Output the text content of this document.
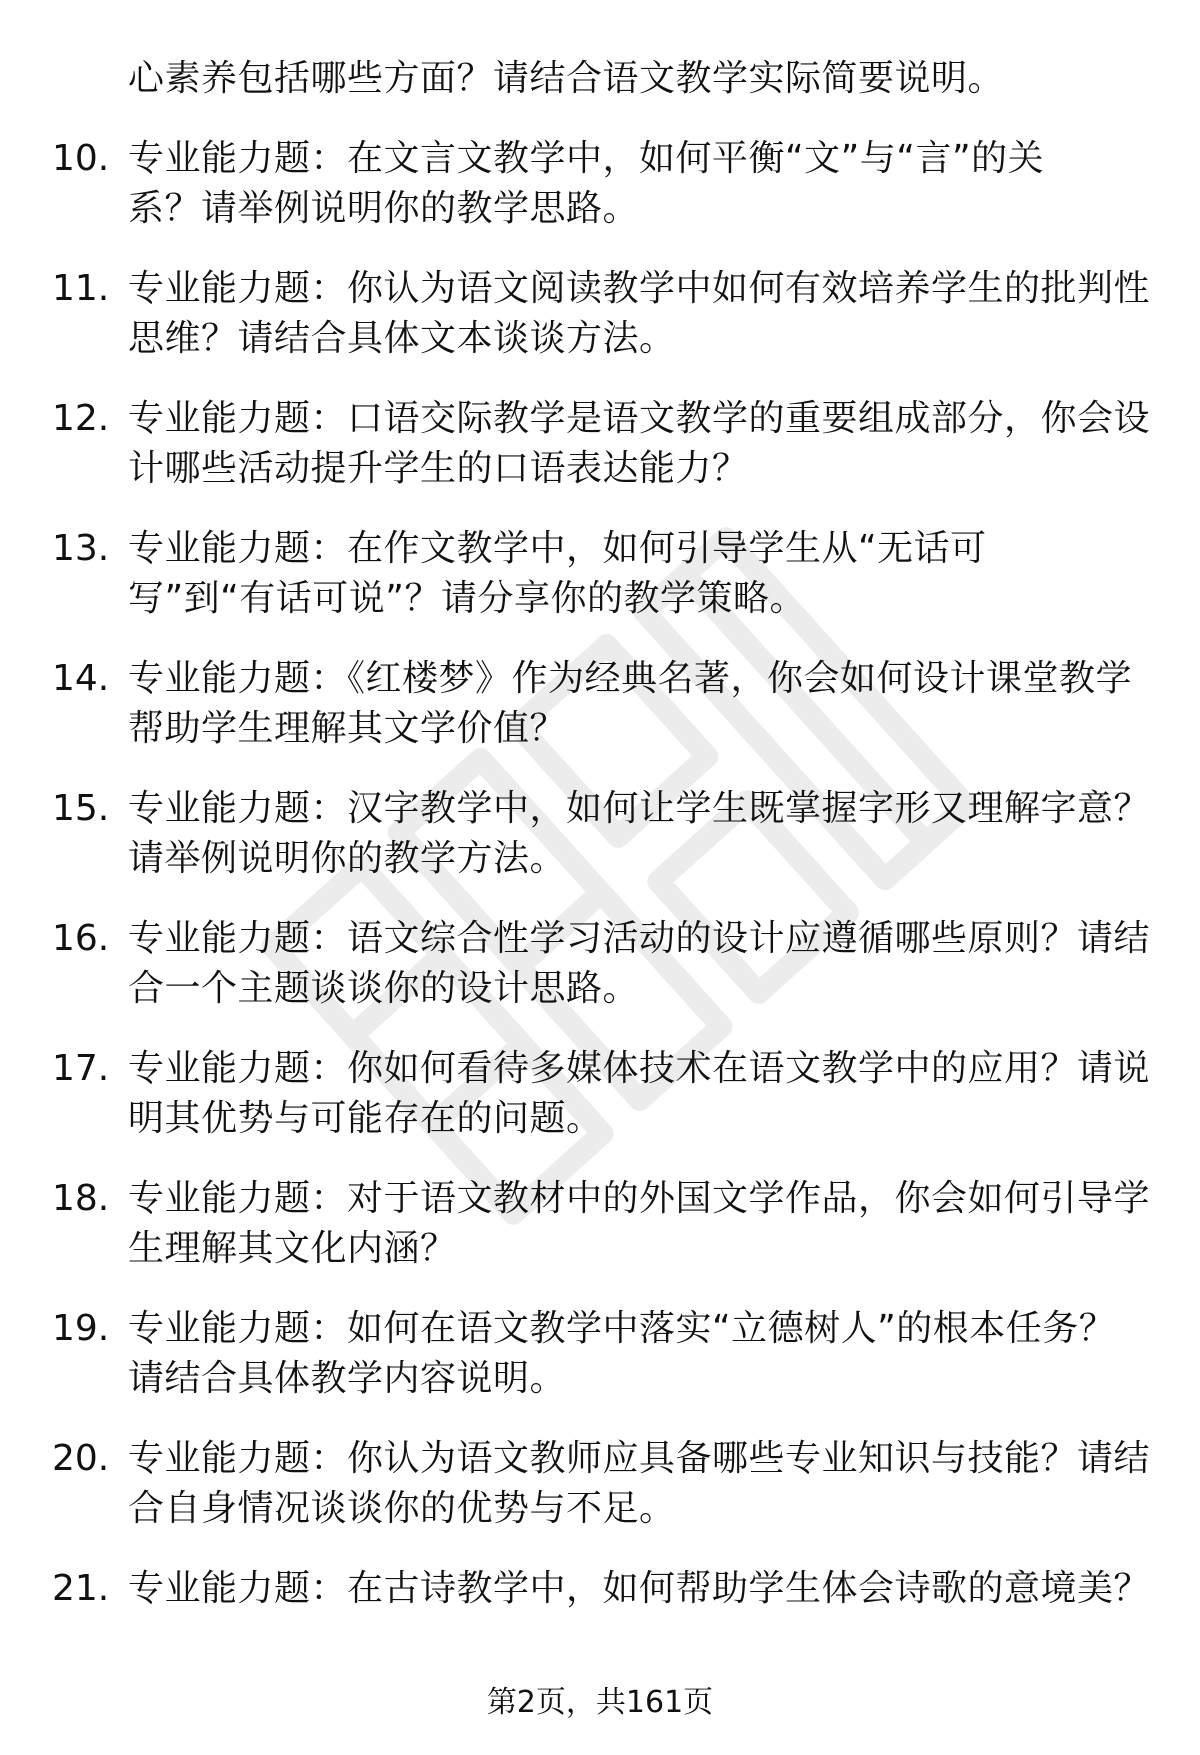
心素养包括哪些方面？请结合语文教学实际简要说明。
10. 专业能力题：在文言文教学中，如何平衡“文”与“言”的关
系？请举例说明你的教学思路。
11. 专业能力题：你认为语文阅读教学中如何有效培养学生的批判性
思维？请结合具体文本谈谈方法。
12. 专业能力题：口语交际教学是语文教学的重要组成部分，你会设
计哪些活动提升学生的口语表达能力？
13. 专业能力题：在作文教学中，如何引导学生从“无话可
写”到“有话可说”？请分享你的教学策略。
14. 专业能力题：《红楼梦》作为经典名著，你会如何设计课堂教学
帮助学生理解其文学价值？
15. 专业能力题：汉字教学中，如何让学生既掌握字形又理解字意？
请举例说明你的教学方法。
16. 专业能力题：语文综合性学习活动的设计应遵循哪些原则？请结
合一个主题谈谈你的设计思路。
17. 专业能力题：你如何看待多媒体技术在语文教学中的应用？请说
明其优势与可能存在的问题。
18. 专业能力题：对于语文教材中的外国文学作品，你会如何引导学
生理解其文化内涵？
19. 专业能力题：如何在语文教学中落实“立德树人”的根本任务？
请结合具体教学内容说明。
20. 专业能力题：你认为语文教师应具备哪些专业知识与技能？请结
合自身情况谈谈你的优势与不足。
21. 专业能力题：在古诗教学中，如何帮助学生体会诗歌的意境美？
第2页，共161页
